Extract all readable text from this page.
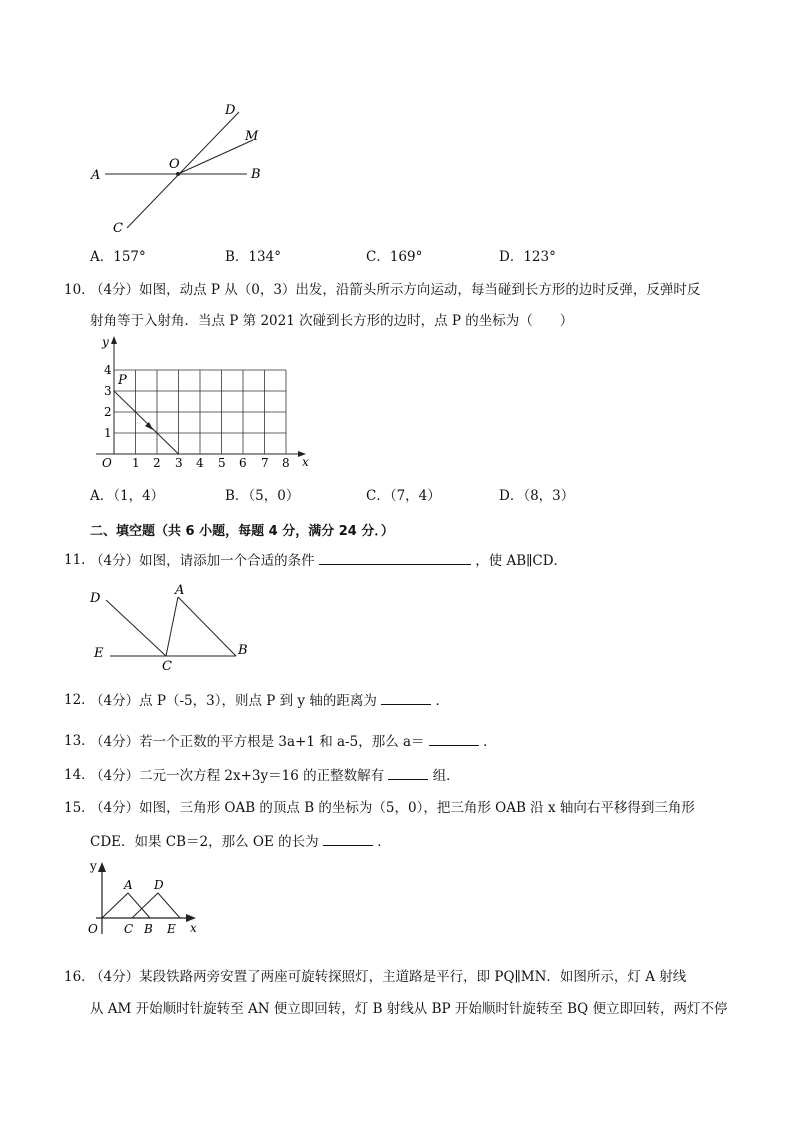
A	B
C
D
M
O
A．157°	B．134°	C．169°	D．123°
10．
（4分）如图，动点 P 从（0，3）出发，沿箭头所示方向运动，每当碰到长方形的边时反弹，反弹时反
射角等于入射角．当点 P 第 2021 次碰到长方形的边时，点 P 的坐标为（　　）
y
x
O
P
1
2
3
4
1 2 3 4 5 6 7 8
A．（1，4）	B．（5，0）	C．（7，4）	D．（8，3）
二、填空题（共 6 小题，每题 4 分，满分 24 分．）
11．
（4分）如图，请添加一个合适的条件	，使 AB∥CD．
D
A
E
C
B
12．
（4分）点 P（-5，3），则点 P 到 y 轴的距离为	．
13．
（4分）若一个正数的平方根是 3a+1 和 a-5，那么 a＝	．
14．
（4分）二元一次方程 2x+3y＝16 的正整数解有	组．
15．
（4分）如图，三角形 OAB 的顶点 B 的坐标为（5，0），把三角形 OAB 沿 x 轴向右平移得到三角形
CDE．如果 CB＝2，那么 OE 的长为	．
y
x
O
A D
C B E
16．
（4分）某段铁路两旁安置了两座可旋转探照灯，主道路是平行，即 PQ∥MN．如图所示，灯 A 射线
从 AM 开始顺时针旋转至 AN 便立即回转，灯 B 射线从 BP 开始顺时针旋转至 BQ 便立即回转，两灯不停
